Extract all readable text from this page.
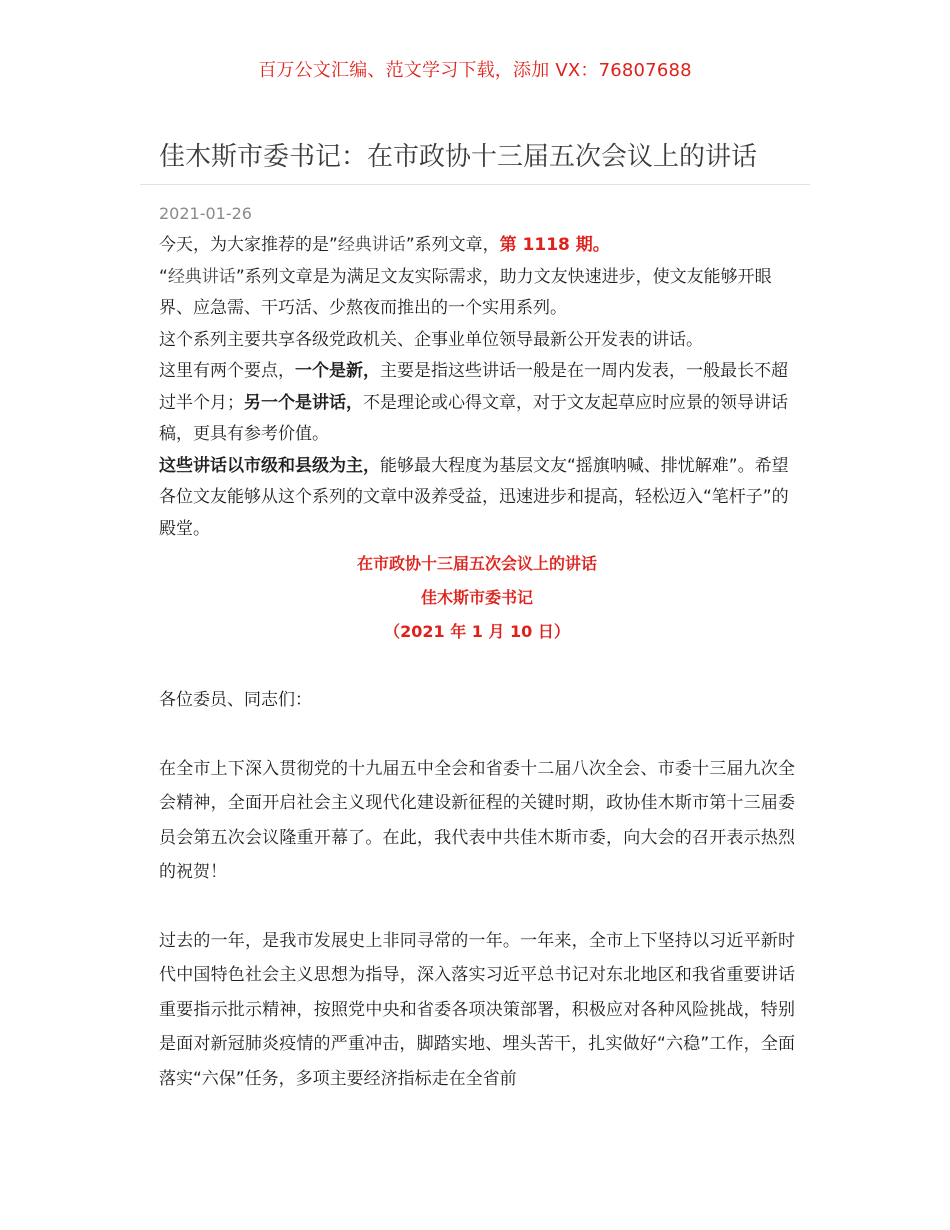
百万公文汇编、范文学习下载，添加 VX：76807688
佳木斯市委书记：在市政协十三届五次会议上的讲话
2021-01-26

今天，为大家推荐的是”经典讲话”系列文章，第 1118 期。

“经典讲话”系列文章是为满足文友实际需求，助力文友快速进步，使文友能够开眼界、应急需、干巧活、少熬夜而推出的一个实用系列。

这个系列主要共享各级党政机关、企事业单位领导最新公开发表的讲话。

这里有两个要点，一个是新，主要是指这些讲话一般是在一周内发表，一般最长不超过半个月；另一个是讲话，不是理论或心得文章，对于文友起草应时应景的领导讲话稿，更具有参考价值。

这些讲话以市级和县级为主，能够最大程度为基层文友“摇旗呐喊、排忧解难”。希望各位文友能够从这个系列的文章中汲养受益，迅速进步和提高，轻松迈入“笔杆子”的殿堂。

在市政协十三届五次会议上的讲话
佳木斯市委书记
（2021 年 1 月 10 日）

各位委员、同志们：

在全市上下深入贯彻党的十九届五中全会和省委十二届八次全会、市委十三届九次全会精神，全面开启社会主义现代化建设新征程的关键时期，政协佳木斯市第十三届委员会第五次会议隆重开幕了。在此，我代表中共佳木斯市委，向大会的召开表示热烈的祝贺！

过去的一年，是我市发展史上非同寻常的一年。一年来，全市上下坚持以习近平新时代中国特色社会主义思想为指导，深入落实习近平总书记对东北地区和我省重要讲话重要指示批示精神，按照党中央和省委各项决策部署，积极应对各种风险挑战，特别是面对新冠肺炎疫情的严重冲击，脚踏实地、埋头苦干，扎实做好“六稳”工作，全面落实“六保”任务，多项主要经济指标走在全省前
